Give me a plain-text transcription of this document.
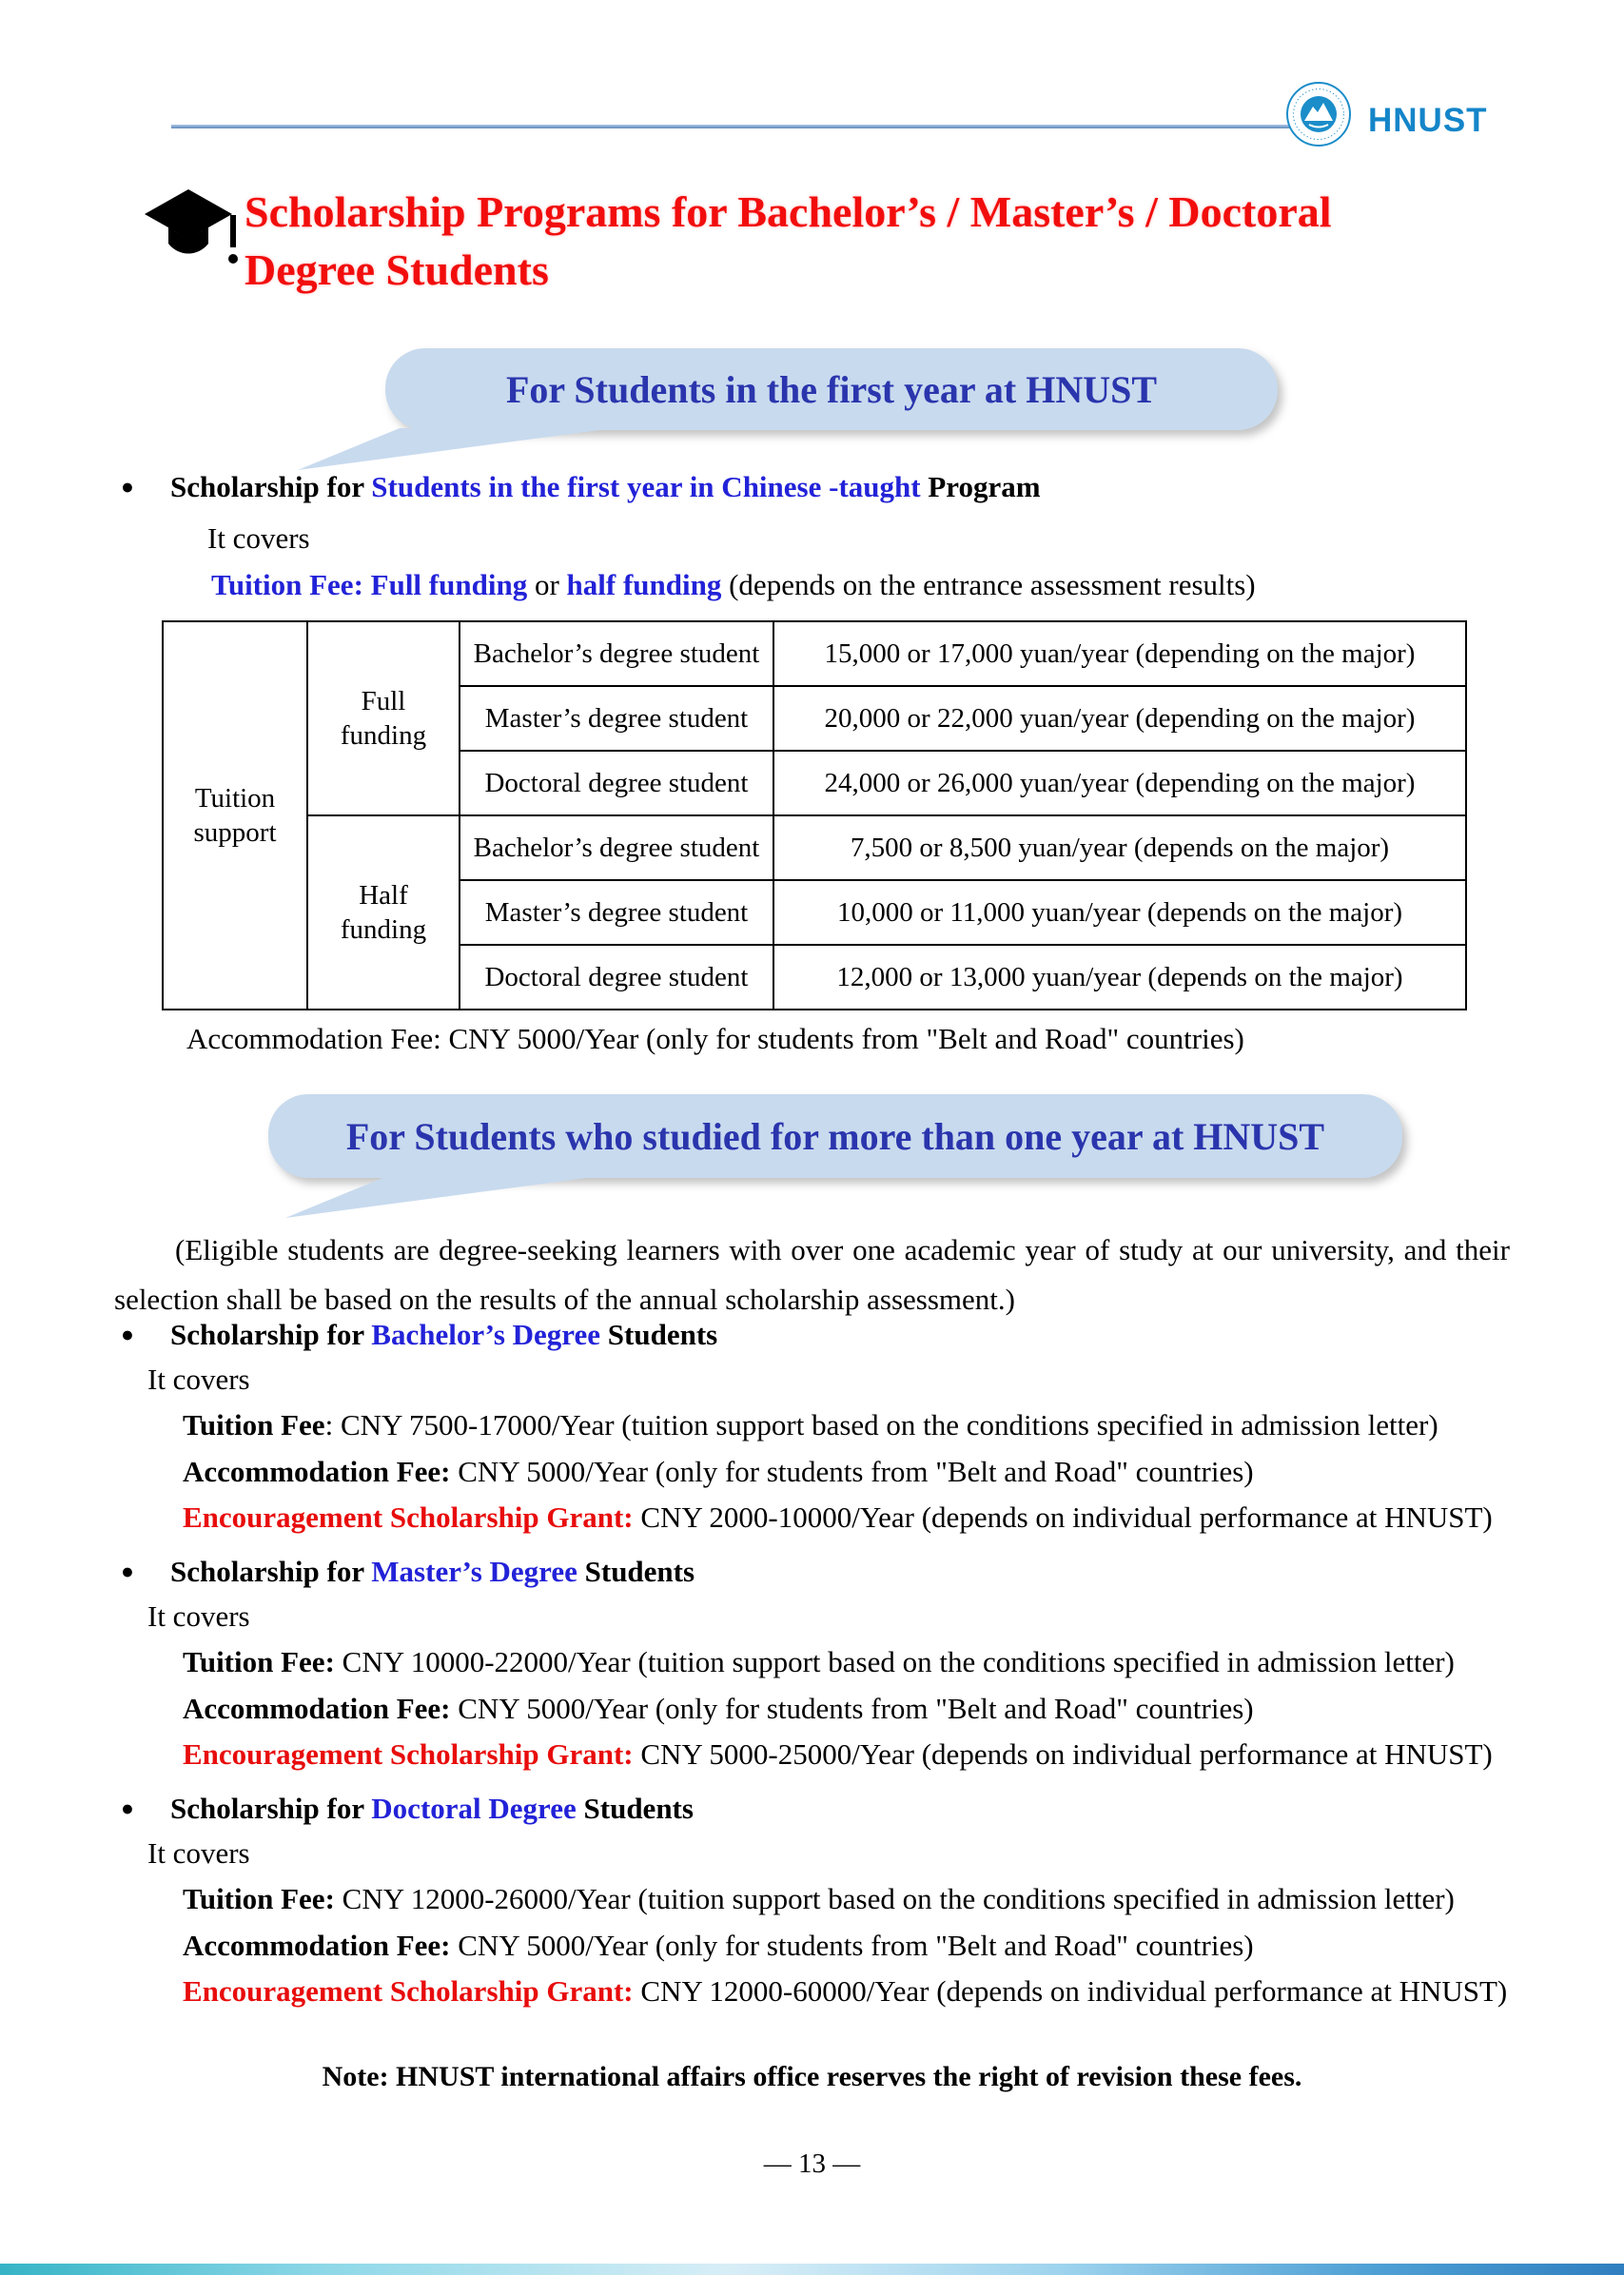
HNUST
Scholarship Programs for Bachelor’s / Master’s / Doctoral Degree Students
For Students in the first year at HNUST
● Scholarship for Students in the first year in Chinese -taught Program
It covers
Tuition Fee: Full funding or half funding (depends on the entrance assessment results)
Tuition support	Full funding	Bachelor’s degree student	15,000 or 17,000 yuan/year (depending on the major)
		Master’s degree student	20,000 or 22,000 yuan/year (depending on the major)
		Doctoral degree student	24,000 or 26,000 yuan/year (depending on the major)
	Half funding	Bachelor’s degree student	7,500 or 8,500 yuan/year (depends on the major)
		Master’s degree student	10,000 or 11,000 yuan/year (depends on the major)
		Doctoral degree student	12,000 or 13,000 yuan/year (depends on the major)
Accommodation Fee: CNY 5000/Year (only for students from "Belt and Road" countries)
For Students who studied for more than one year at HNUST
(Eligible students are degree-seeking learners with over one academic year of study at our university, and their selection shall be based on the results of the annual scholarship assessment.)
● Scholarship for Bachelor’s Degree Students
It covers
Tuition Fee: CNY 7500-17000/Year (tuition support based on the conditions specified in admission letter)
Accommodation Fee: CNY 5000/Year (only for students from "Belt and Road" countries)
Encouragement Scholarship Grant: CNY 2000-10000/Year (depends on individual performance at HNUST)
● Scholarship for Master’s Degree Students
It covers
Tuition Fee: CNY 10000-22000/Year (tuition support based on the conditions specified in admission letter)
Accommodation Fee: CNY 5000/Year (only for students from "Belt and Road" countries)
Encouragement Scholarship Grant: CNY 5000-25000/Year (depends on individual performance at HNUST)
● Scholarship for Doctoral Degree Students
It covers
Tuition Fee: CNY 12000-26000/Year (tuition support based on the conditions specified in admission letter)
Accommodation Fee: CNY 5000/Year (only for students from "Belt and Road" countries)
Encouragement Scholarship Grant: CNY 12000-60000/Year (depends on individual performance at HNUST)
Note: HNUST international affairs office reserves the right of revision these fees.
— 13 —
